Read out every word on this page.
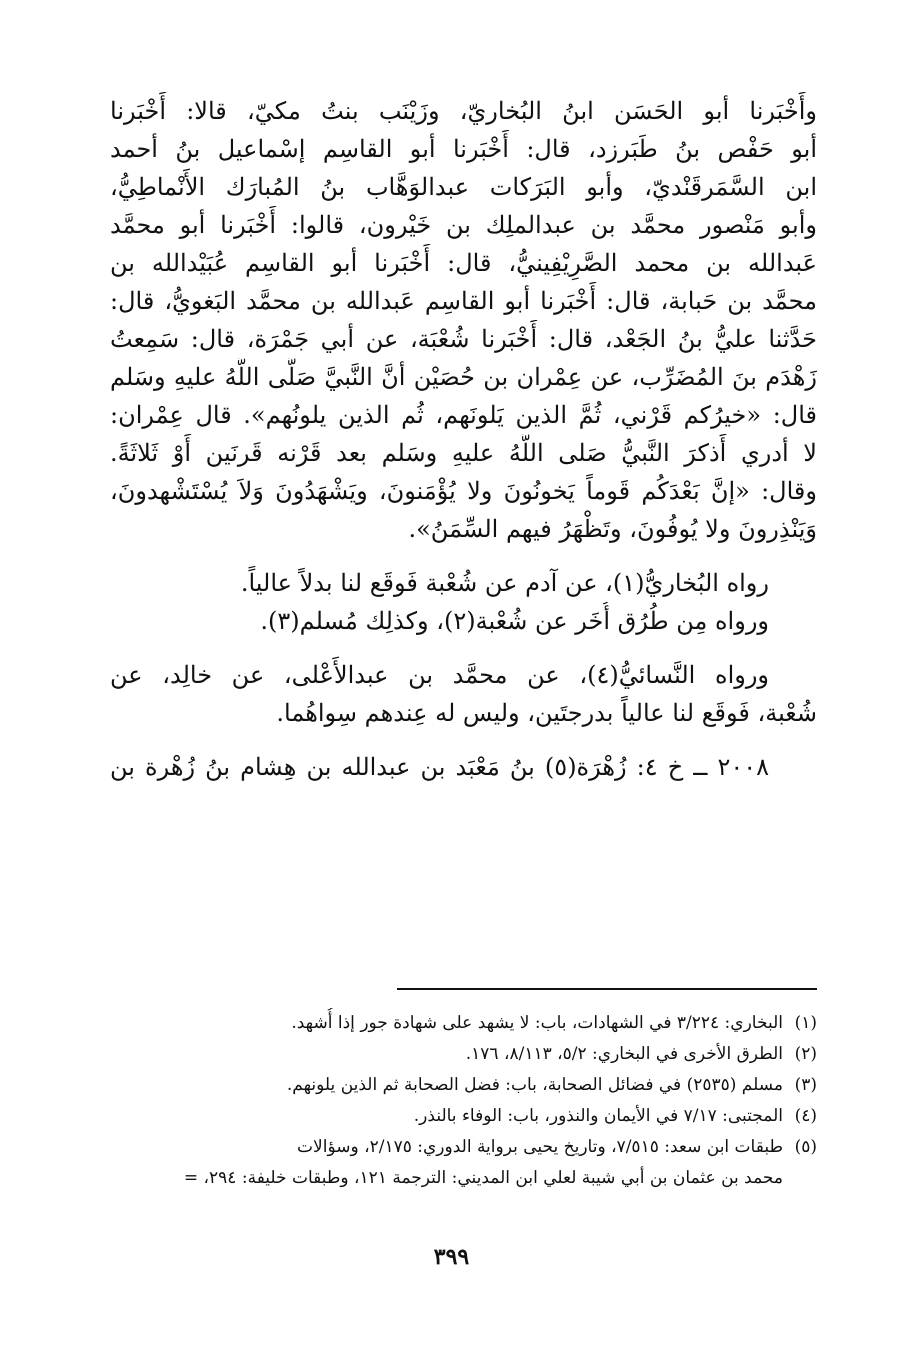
وأَخْبَرنا أبو الحَسَن ابنُ البُخاريّ، وزَيْنَب بنتُ مكيّ، قالا: أَخْبَرنا
أبو حَفْص بنُ طَبَرزد، قال: أَخْبَرنا أبو القاسِم إسْماعيل بنُ أحمد
ابن السَّمَرقَنْديّ، وأبو البَرَكات عبدالوَهَّاب بنُ المُبارَك الأَنْماطِيُّ،
وأبو مَنْصور محمَّد بن عبدالملِك بن خَيْرون، قالوا: أَخْبَرنا أبو محمَّد
عَبدالله بن محمد الصَّرِيْفِينيُّ، قال: أَخْبَرنا أبو القاسِم عُبَيْدالله بن
محمَّد بن حَبابة، قال: أَخْبَرنا أبو القاسِم عَبدالله بن محمَّد البَغويُّ، قال:
حَدَّثنا عليُّ بنُ الجَعْد، قال: أَخْبَرنا شُعْبَة، عن أبي جَمْرَة، قال: سَمِعتُ
زَهْدَم بنَ المُضَرِّب، عن عِمْران بن حُصَيْن أنَّ النَّبيَّ صَلَّى اللَّهُ عليهِ وسَلم
قال: «خيرُكم قَرْني، ثُمَّ الذين يَلونَهم، ثُم الذين يلونُهم». قال عِمْران:
لا أدري أَذكرَ النَّبيُّ صَلى اللَّهُ عليهِ وسَلم بعد قَرْنه قَرنَين أَوْ ثَلاثَةً.
وقال: «إنَّ بَعْدَكُم قَوماً يَخونُونَ ولا يُؤْمَنونَ، ويَشْهَدُونَ وَلاَ يُسْتَشْهدونَ،
وَيَنْذِرونَ ولا يُوفُونَ، وتَظْهَرُ فيهم السِّمَنُ».
رواه البُخاريُّ(١)، عن آدم عن شُعْبة فَوقَع لنا بدلاً عالياً.
ورواه مِن طُرُق أُخَر عن شُعْبة(٢)، وكذلِك مُسلم(٣).
ورواه النَّسائيُّ(٤)، عن محمَّد بن عبدالأَعْلى، عن خالِد، عن
شُعْبة، فَوقَع لنا عالياً بدرجتَين، وليس له عِندهم سِواهُما.
٢٠٠٨ ــ خ ٤: زُهْرَة(٥) بنُ مَعْبَد بن عبدالله بن هِشام بنُ زُهْرة بن
(١)البخاري: ٣/٢٢٤ في الشهادات، باب: لا يشهد على شهادة جور إذا أُشهد.
(٢)الطرق الأخرى في البخاري: ٥/٢، ٨/١١٣، ١٧٦.
(٣)مسلم (٢٥٣٥) في فضائل الصحابة، باب: فضل الصحابة ثم الذين يلونهم.
(٤)المجتبى: ٧/١٧ في الأيمان والنذور، باب: الوفاء بالنذر.
(٥)طبقات ابن سعد: ٧/٥١٥، وتاريخ يحيى برواية الدوري: ٢/١٧٥، وسؤالات
محمد بن عثمان بن أبي شيبة لعلي ابن المديني: الترجمة ١٢١، وطبقات خليفة: ٢٩٤، =
٣٩٩
